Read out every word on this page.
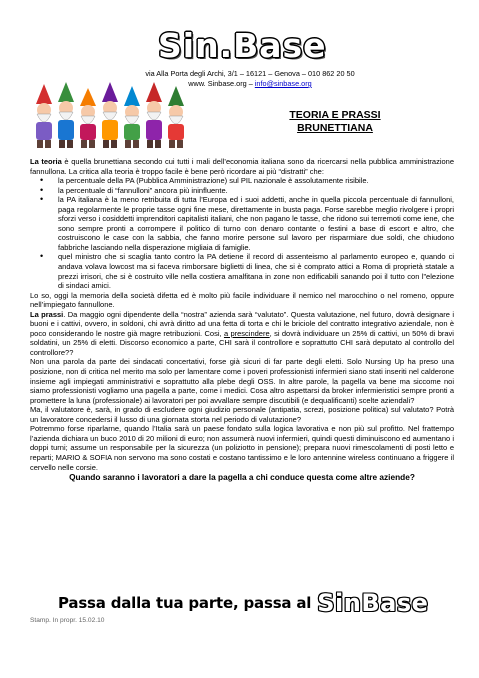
Sin.Base
via Alla Porta degli Archi, 3/1 – 16121 – Genova – 010 862 20 50
www. Sinbase.org – info@sinbase.org
TEORIA E PRASSI
BRUNETTIANA

La teoria è quella brunettiana secondo cui tutti i mali dell’economia italiana sono da ricercarsi nella pubblica amministrazione fannullona. La critica alla teoria è troppo facile è bene però ricordare ai più “distratti” che:

• la percentuale della PA (Pubblica Amministrazione) sul PIL nazionale è assolutamente risibile.
• la percentuale di “fannulloni” ancora più ininfluente.
• la PA italiana è la meno retribuita di tutta l’Europa ed i suoi addetti, anche in quella piccola percentuale di fannulloni, paga regolarmente le proprie tasse ogni fine mese, direttamente in busta paga. Forse sarebbe meglio rivolgere i propri sforzi verso i cosiddetti imprenditori capitalisti italiani, che non pagano le tasse, che ridono sui terremoti come iene, che sono sempre pronti a corrompere il politico di turno con denaro contante o festini a base di escort e altro, che costruiscono le case con la sabbia, che fanno morire persone sul lavoro per risparmiare due soldi, che chiudono fabbriche lasciando nella disperazione migliaia di famiglie.
• quel ministro che si scaglia tanto contro la PA detiene il record di assenteismo al parlamento europeo e, quando ci andava volava lowcost ma si faceva rimborsare biglietti di linea, che si è comprato attici a Roma di proprietà statale a prezzi irrisori, che si è costruito ville nella costiera amalfitana in zone non edificabili sanando poi il tutto con l”elezione di sindaci amici.

Lo so, oggi la memoria della società difetta ed è molto più facile individuare il nemico nel marocchino o nel romeno, oppure nell’impiegato fannullone.

La prassi. Da maggio ogni dipendente della “nostra” azienda sarà “valutato”. Questa valutazione, nel futuro, dovrà designare i buoni e i cattivi, ovvero, in soldoni, chi avrà diritto ad una fetta di torta e chi le briciole del contratto integrativo aziendale, non è poco considerando le nostre già magre retribuzioni. Cosi, a prescindere, si dovrà individuare un 25% di cattivi, un 50% di bravi soldatini, un 25% di eletti. Discorso economico a parte, CHI sarà il controllore e soprattutto CHI sarà deputato al controllo del controllore??

Non una parola da parte dei sindacati concertativi, forse già sicuri di far parte degli eletti. Solo Nursing Up ha preso una posizione, non di critica nel merito ma solo per lamentare come i poveri professionisti infermieri siano stati inseriti nel calderone insieme agli impiegati amministrativi e soprattutto alla plebe degli OSS. In altre parole, la pagella va bene ma siccome noi siamo professionisti vogliamo una pagella a parte, come i medici. Cosa altro aspettarsi da broker infermieristici sempre pronti a promettere la luna (professionale) ai lavoratori per poi avvallare sempre discutibili (e dequalificanti) scelte aziendali?

Ma, il valutatore è, sarà, in grado di escludere ogni giudizio personale (antipatia, screzi, posizione politica) sul valutato? Potrà un lavoratore concedersi il lusso di una giornata storta nel periodo di valutazione?

Potremmo forse riparlarne, quando l’Italia sarà un paese fondato sulla logica lavorativa e non più sul profitto. Nel frattempo l’azienda dichiara un buco 2010 di 20 milioni di euro; non assumerà nuovi infermieri, quindi questi diminuiscono ed aumentano i doppi turni; assume un responsabile per la sicurezza (un poliziotto in pensione); prepara nuovi rimescolamenti di posti letto e reparti; MARIO & SOFIA non servono ma sono costati e costano tantissimo e le loro antennine wireless continuano a friggere il cervello nelle corsie.

Quando saranno i lavoratori a dare la pagella a chi conduce questa come altre aziende?

Passa dalla tua parte, passa al SinBase
Stamp. In propr. 15.02.10
